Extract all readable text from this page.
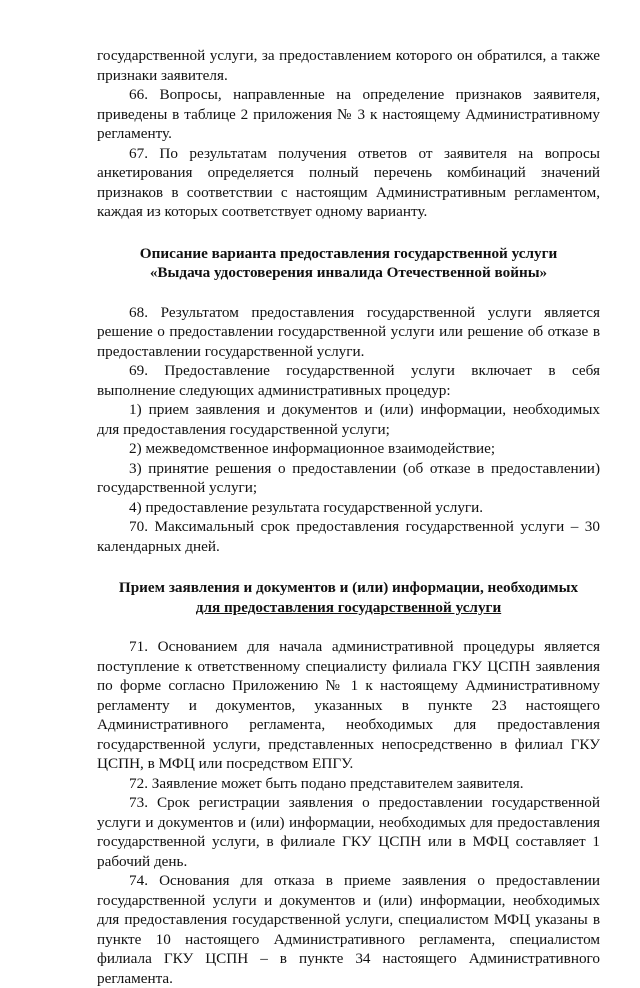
государственной услуги, за предоставлением которого он обратился, а также признаки заявителя.

66. Вопросы, направленные на определение признаков заявителя, приведены в таблице 2 приложения № 3 к настоящему Административному регламенту.

67. По результатам получения ответов от заявителя на вопросы анкетирования определяется полный перечень комбинаций значений признаков в соответствии с настоящим Административным регламентом, каждая из которых соответствует одному варианту.

Описание варианта предоставления государственной услуги

«Выдача удостоверения инвалида Отечественной войны»

68. Результатом предоставления государственной услуги является решение о предоставлении государственной услуги или решение об отказе в предоставлении государственной услуги.

69. Предоставление государственной услуги включает в себя выполнение следующих административных процедур:

1) прием заявления и документов и (или) информации, необходимых для предоставления государственной услуги;

2) межведомственное информационное взаимодействие;

3) принятие решения о предоставлении (об отказе в предоставлении) государственной услуги;

4) предоставление результата государственной услуги.

70. Максимальный срок предоставления государственной услуги – 30 календарных дней.

Прием заявления и документов и (или) информации, необходимых

для предоставления государственной услуги

71. Основанием для начала административной процедуры является поступление к ответственному специалисту филиала ГКУ ЦСПН заявления по форме согласно Приложению № 1 к настоящему Административному регламенту и документов, указанных в пункте 23 настоящего Административного регламента, необходимых для предоставления государственной услуги, представленных непосредственно в филиал ГКУ ЦСПН, в МФЦ или посредством ЕПГУ.

72. Заявление может быть подано представителем заявителя.

73. Срок регистрации заявления о предоставлении государственной услуги и документов и (или) информации, необходимых для предоставления государственной услуги, в филиале ГКУ ЦСПН или в МФЦ составляет 1 рабочий день.

74. Основания для отказа в приеме заявления о предоставлении государственной услуги и документов и (или) информации, необходимых для предоставления государственной услуги, специалистом МФЦ указаны в пункте 10 настоящего Административного регламента, специалистом филиала ГКУ ЦСПН – в пункте 34 настоящего Административного регламента.
